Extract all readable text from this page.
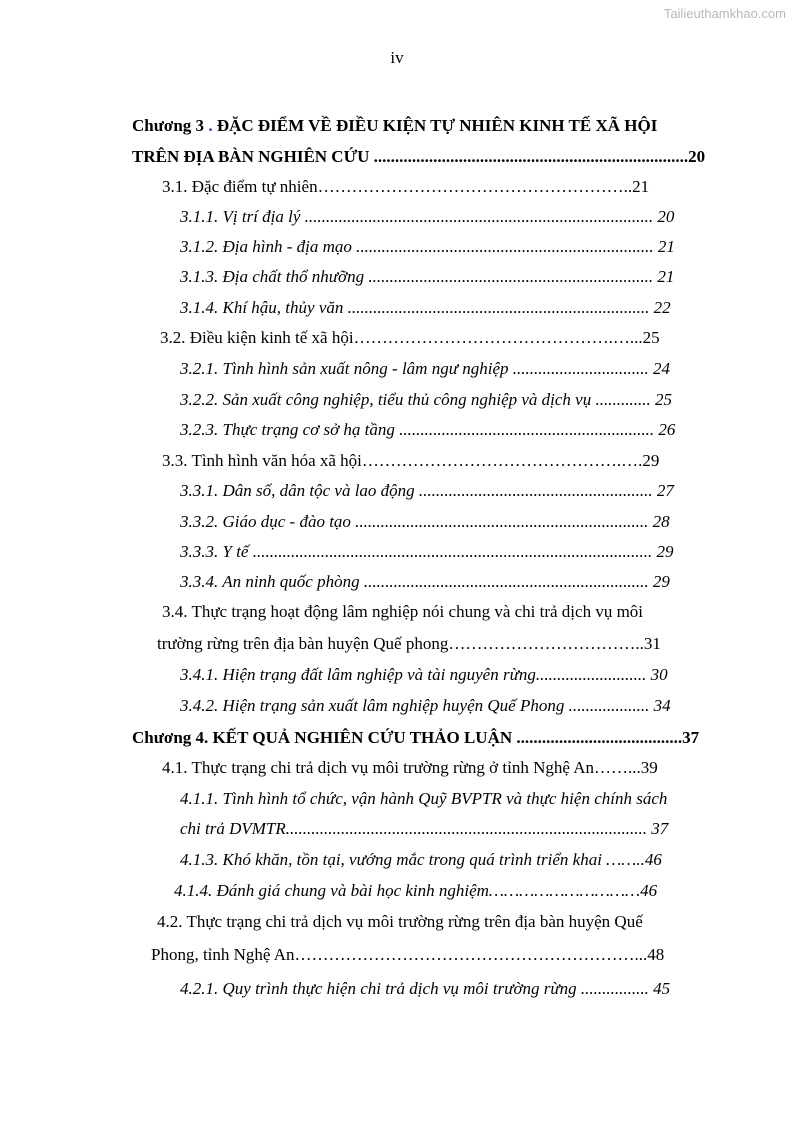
Tailieuthamkhao.com
iv
Chương 3 . ĐẶC ĐIỂM VỀ ĐIỀU KIỆN TỰ NHIÊN KINH TẾ XÃ HỘI
TRÊN ĐỊA BÀN NGHIÊN CỨU ..........................................................................20
3.1. Đặc điểm tự nhiên………………………………………………..21
3.1.1. Vị trí địa lý .................................................................................. 20
3.1.2. Địa hình - địa mạo ...................................................................... 21
3.1.3. Địa chất thổ nhưỡng ................................................................... 21
3.1.4. Khí hậu, thủy văn ....................................................................... 22
3.2. Điều kiện kinh tế xã hội……………………………………….…...25
3.2.1. Tình hình sản xuất nông - lâm ngư nghiệp ................................ 24
3.2.2. Sản xuất công nghiệp, tiểu thủ công nghiệp và dịch vụ ............. 25
3.2.3. Thực trạng cơ sở hạ tầng ............................................................ 26
3.3. Tình hình văn hóa xã hội……………………………………….….29
3.3.1. Dân số, dân tộc và lao động ....................................................... 27
3.3.2. Giáo dục - đào tạo ..................................................................... 28
3.3.3. Y tế .............................................................................................. 29
3.3.4. An ninh quốc phòng ................................................................... 29
3.4. Thực trạng hoạt động lâm nghiệp nói chung và chi trả dịch vụ môi
trường rừng trên địa bàn huyện Quế phong……………………………..31
3.4.1. Hiện trạng đất lâm nghiệp và tài nguyên rừng.......................... 30
3.4.2. Hiện trạng sản xuất lâm nghiệp huyện Quế Phong ................... 34
Chương 4. KẾT QUẢ NGHIÊN CỨU THẢO LUẬN .......................................37
4.1. Thực trạng chi trả dịch vụ môi trường rừng ở tỉnh Nghệ An……...39
4.1.1. Tình hình tổ chức, vận hành Quỹ BVPTR và thực hiện chính sách
chi trả DVMTR..................................................................................... 37
4.1.3. Khó khăn, tồn tại, vướng mắc trong quá trình triển khai ……..46
4.1.4. Đánh giá chung và bài học kinh nghiệm…………………………46
4.2. Thực trạng chi trả dịch vụ môi trường rừng trên địa bàn huyện Quế
Phong, tỉnh Nghệ An……………………………………………………...48
4.2.1. Quy trình thực hiện chi trả dịch vụ môi trường rừng ................ 45
